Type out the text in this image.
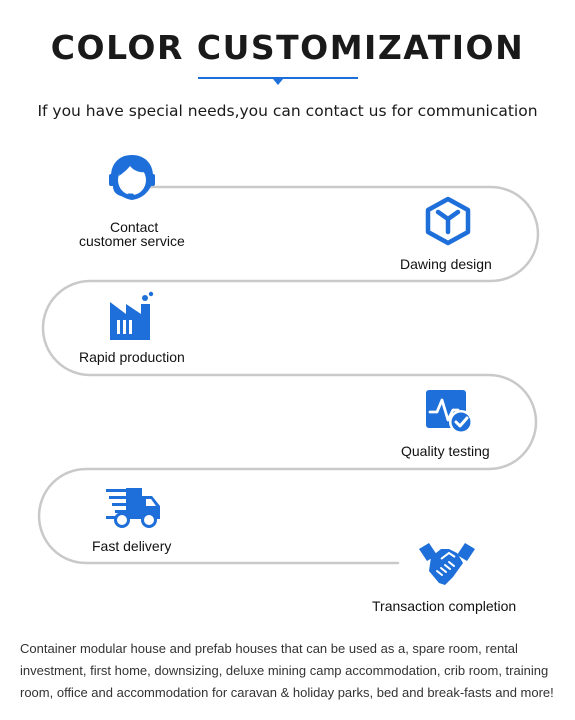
COLOR CUSTOMIZATION
If you have special needs,you can contact us for communication
Contact
customer service
Dawing design
Rapid production
Quality testing
Fast delivery
Transaction completion
Container modular house and prefab houses that can be used as a, spare room, rental investment, first home, downsizing, deluxe mining camp accommodation, crib room, training room, office and accommodation for caravan & holiday parks, bed and break-fasts and more!
